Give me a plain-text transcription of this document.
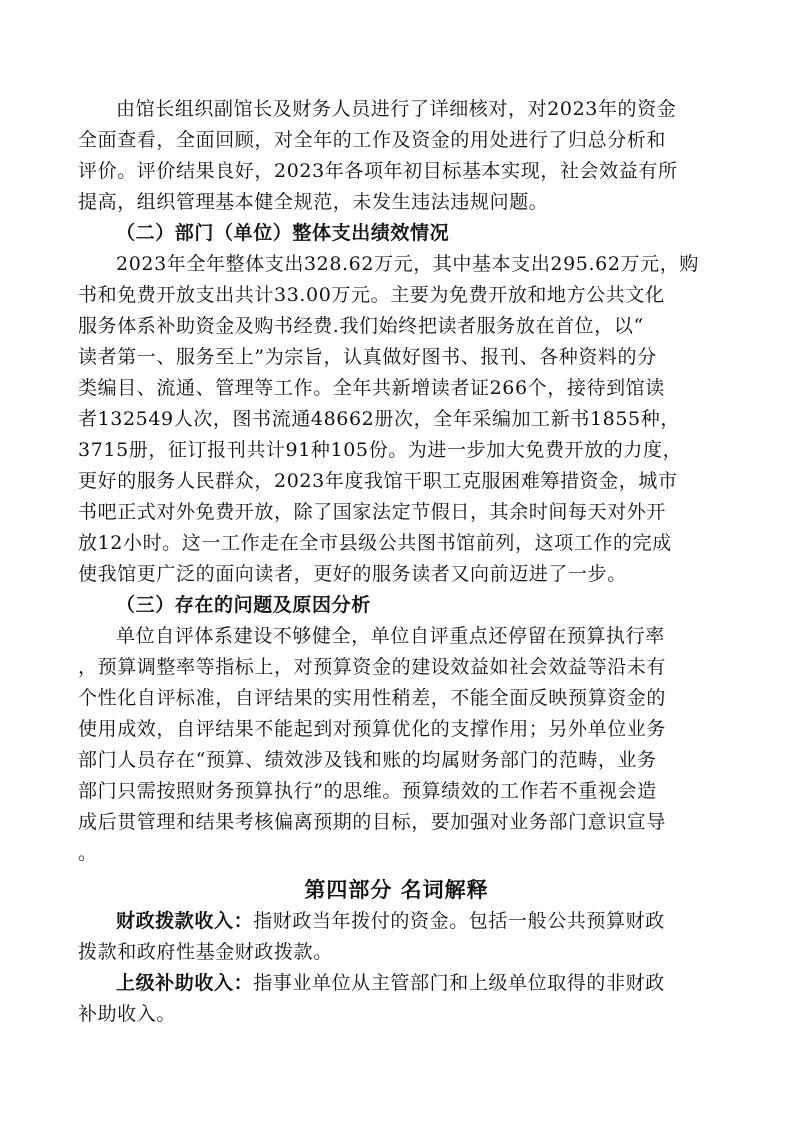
由馆长组织副馆长及财务人员进行了详细核对，对2023年的资金

全面查看，全面回顾，对全年的工作及资金的用处进行了归总分析和

评价。评价结果良好，2023年各项年初目标基本实现，社会效益有所

提高，组织管理基本健全规范，未发生违法违规问题。

（二）部门（单位）整体支出绩效情况

2023年全年整体支出328.62万元，其中基本支出295.62万元，购

书和免费开放支出共计33.00万元。主要为免费开放和地方公共文化

服务体系补助资金及购书经费.我们始终把读者服务放在首位，以“

读者第一、服务至上”为宗旨，认真做好图书、报刊、各种资料的分

类编目、流通、管理等工作。全年共新增读者证266个，接待到馆读

者132549人次，图书流通48662册次，全年采编加工新书1855种，

3715册，征订报刊共计91种105份。为进一步加大免费开放的力度，

更好的服务人民群众，2023年度我馆干职工克服困难筹措资金，城市

书吧正式对外免费开放，除了国家法定节假日，其余时间每天对外开

放12小时。这一工作走在全市县级公共图书馆前列，这项工作的完成

使我馆更广泛的面向读者，更好的服务读者又向前迈进了一步。

（三）存在的问题及原因分析

单位自评体系建设不够健全，单位自评重点还停留在预算执行率

，预算调整率等指标上，对预算资金的建设效益如社会效益等沿未有

个性化自评标准，自评结果的实用性稍差，不能全面反映预算资金的

使用成效，自评结果不能起到对预算优化的支撑作用；另外单位业务

部门人员存在“预算、绩效涉及钱和账的均属财务部门的范畴，业务

部门只需按照财务预算执行”的思维。预算绩效的工作若不重视会造

成后贯管理和结果考核偏离预期的目标，要加强对业务部门意识宣导

。

第四部分 名词解释

财政拨款收入：指财政当年拨付的资金。包括一般公共预算财政

拨款和政府性基金财政拨款。

上级补助收入：指事业单位从主管部门和上级单位取得的非财政

补助收入。
